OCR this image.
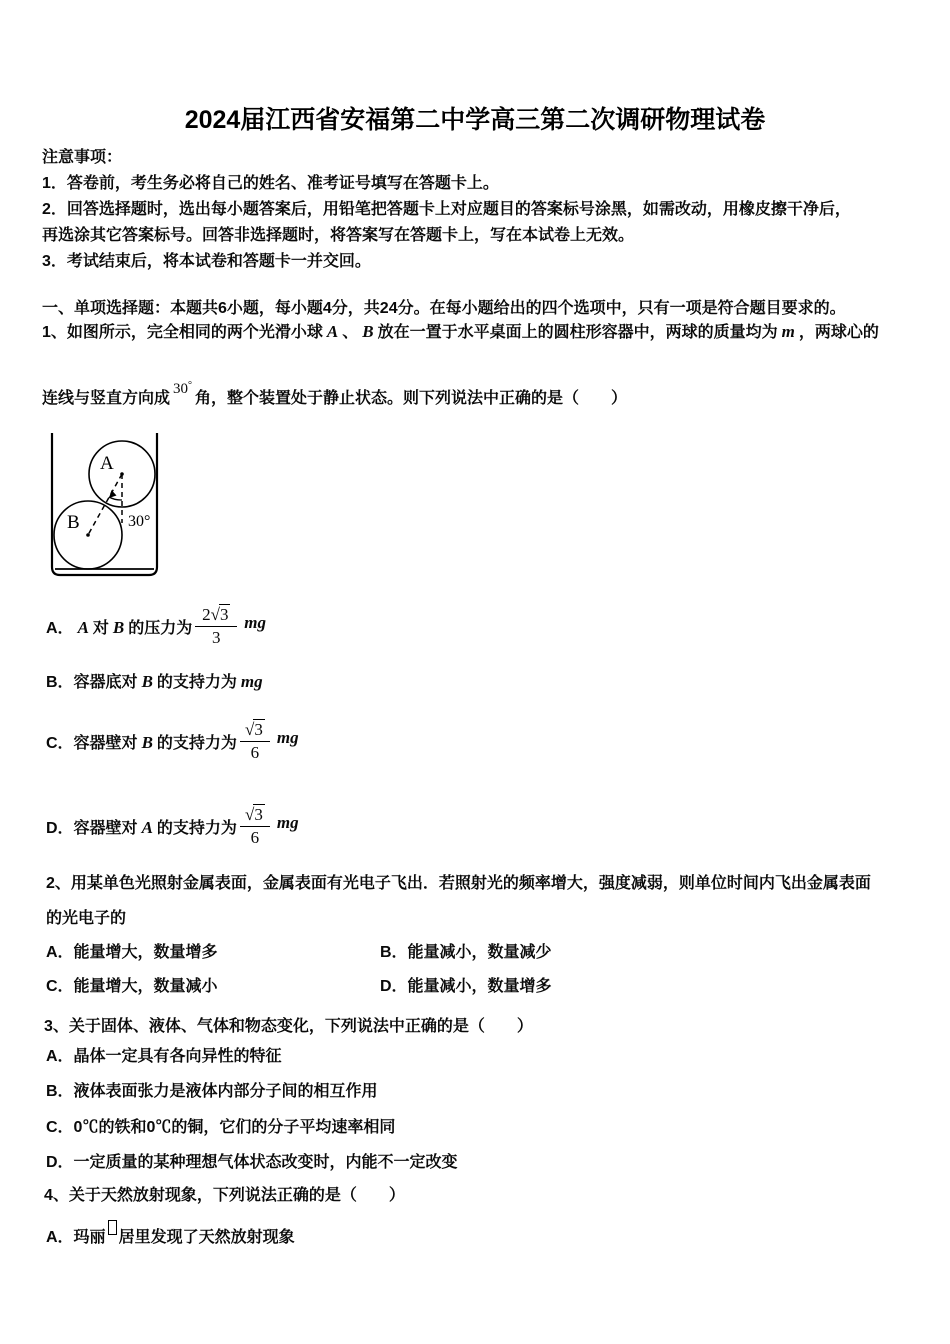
2024届江西省安福第二中学高三第二次调研物理试卷
注意事项：
1．答卷前，考生务必将自己的姓名、准考证号填写在答题卡上。
2．回答选择题时，选出每小题答案后，用铅笔把答题卡上对应题目的答案标号涂黑，如需改动，用橡皮擦干净后，
再选涂其它答案标号。回答非选择题时，将答案写在答题卡上，写在本试卷上无效。
3．考试结束后，将本试卷和答题卡一并交回。
一、单项选择题：本题共6小题，每小题4分，共24分。在每小题给出的四个选项中，只有一项是符合题目要求的。
1、如图所示，完全相同的两个光滑小球 A 、 B 放在一置于水平桌面上的圆柱形容器中，两球的质量均为 m ，两球心的
连线与竖直方向成30°角，整个装置处于静止状态。则下列说法中正确的是（　　）
A
B	30°
A． A 对 B 的压力为 $\frac{2√3}{3}$ mg
B．容器底对 B 的支持力为 mg
C．容器壁对 B 的支持力为 $\frac{√3}{6}$ mg
D．容器壁对 A 的支持力为 $\frac{√3}{6}$ mg
2、用某单色光照射金属表面，金属表面有光电子飞出．若照射光的频率增大，强度减弱，则单位时间内飞出金属表面
的光电子的
A．能量增大，数量增多	B．能量减小，数量减少
C．能量增大，数量减小	D．能量减小，数量增多
3、关于固体、液体、气体和物态变化，下列说法中正确的是（　　）
A．晶体一定具有各向异性的特征
B．液体表面张力是液体内部分子间的相互作用
C．0℃的铁和0℃的铜，它们的分子平均速率相同
D．一定质量的某种理想气体状态改变时，内能不一定改变
4、关于天然放射现象，下列说法正确的是（　　）
A．玛丽 居里发现了天然放射现象
